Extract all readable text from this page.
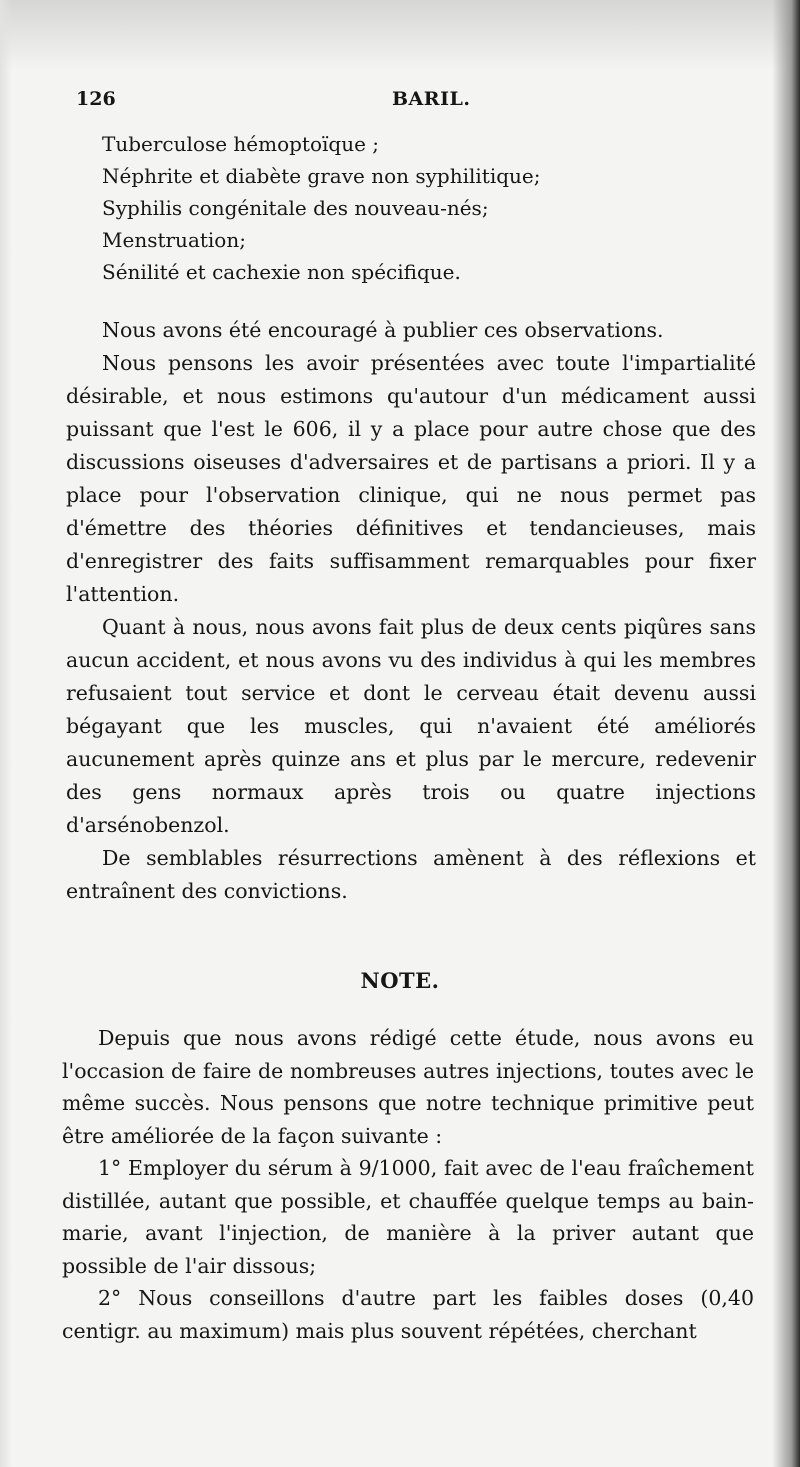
126	BARIL.
Tuberculose hémoptoïque ;
Néphrite et diabète grave non syphilitique;
Syphilis congénitale des nouveau-nés;
Menstruation;
Sénilité et cachexie non spécifique.

Nous avons été encouragé à publier ces observations.

Nous pensons les avoir présentées avec toute l'impartialité désirable, et nous estimons qu'autour d'un médicament aussi puissant que l'est le 606, il y a place pour autre chose que des discussions oiseuses d'adversaires et de partisans a priori. Il y a place pour l'observation clinique, qui ne nous permet pas d'émettre des théories définitives et tendancieuses, mais d'enregistrer des faits suffisamment remarquables pour fixer l'attention.

Quant à nous, nous avons fait plus de deux cents piqûres sans aucun accident, et nous avons vu des individus à qui les membres refusaient tout service et dont le cerveau était devenu aussi bégayant que les muscles, qui n'avaient été améliorés aucunement après quinze ans et plus par le mercure, redevenir des gens normaux après trois ou quatre injections d'arsénobenzol.

De semblables résurrections amènent à des réflexions et entraînent des convictions.

NOTE.

Depuis que nous avons rédigé cette étude, nous avons eu l'occasion de faire de nombreuses autres injections, toutes avec le même succès. Nous pensons que notre technique primitive peut être améliorée de la façon suivante :

1° Employer du sérum à 9/1000, fait avec de l'eau fraîchement distillée, autant que possible, et chauffée quelque temps au bain-marie, avant l'injection, de manière à la priver autant que possible de l'air dissous;

2° Nous conseillons d'autre part les faibles doses (0,40 centigr. au maximum) mais plus souvent répétées, cherchant
